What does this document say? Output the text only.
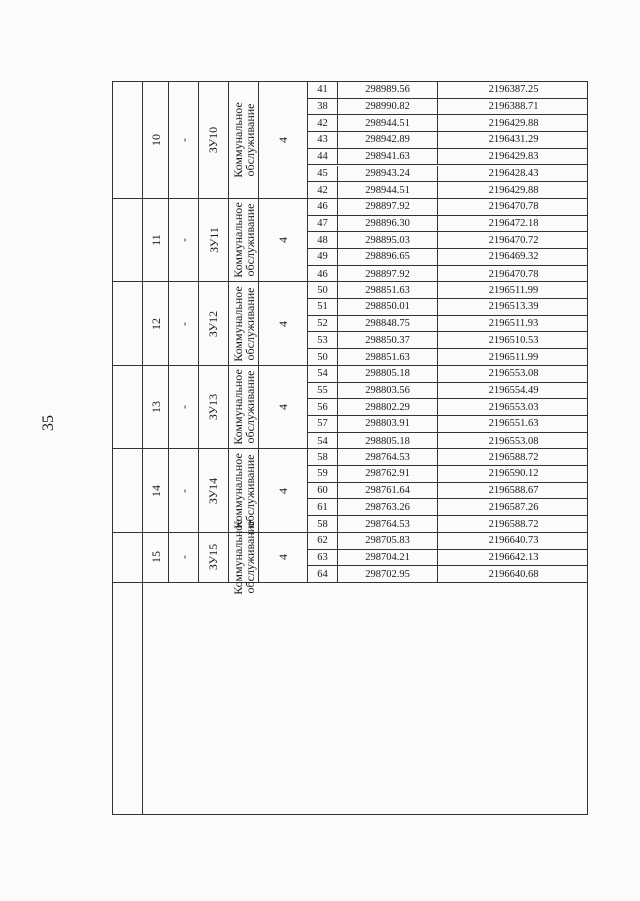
35
10 - ЗУ10 Коммунальное
обслуживание 4
41	298989.56	2196387.25
38	298990.82	2196388.71
42	298944.51	2196429.88
43	298942.89	2196431.29
44	298941.63	2196429.83
45	298943.24	2196428.43
42	298944.51	2196429.88
11 - ЗУ11 Коммунальное
обслуживание 4
46	298897.92	2196470.78
47	298896.30	2196472.18
48	298895.03	2196470.72
49	298896.65	2196469.32
46	298897.92	2196470.78
12 - ЗУ12 Коммунальное
обслуживание 4
50	298851.63	2196511.99
51	298850.01	2196513.39
52	298848.75	2196511.93
53	298850.37	2196510.53
50	298851.63	2196511.99
13 - ЗУ13 Коммунальное
обслуживание 4
54	298805.18	2196553.08
55	298803.56	2196554.49
56	298802.29	2196553.03
57	298803.91	2196551.63
54	298805.18	2196553.08
14 - ЗУ14 Коммунальное
обслуживание 4
58	298764.53	2196588.72
59	298762.91	2196590.12
60	298761.64	2196588.67
61	298763.26	2196587.26
58	298764.53	2196588.72
15 - ЗУ15 Коммунальное
обслуживание 4
62	298705.83	2196640.73
63	298704.21	2196642.13
64	298702.95	2196640.68
